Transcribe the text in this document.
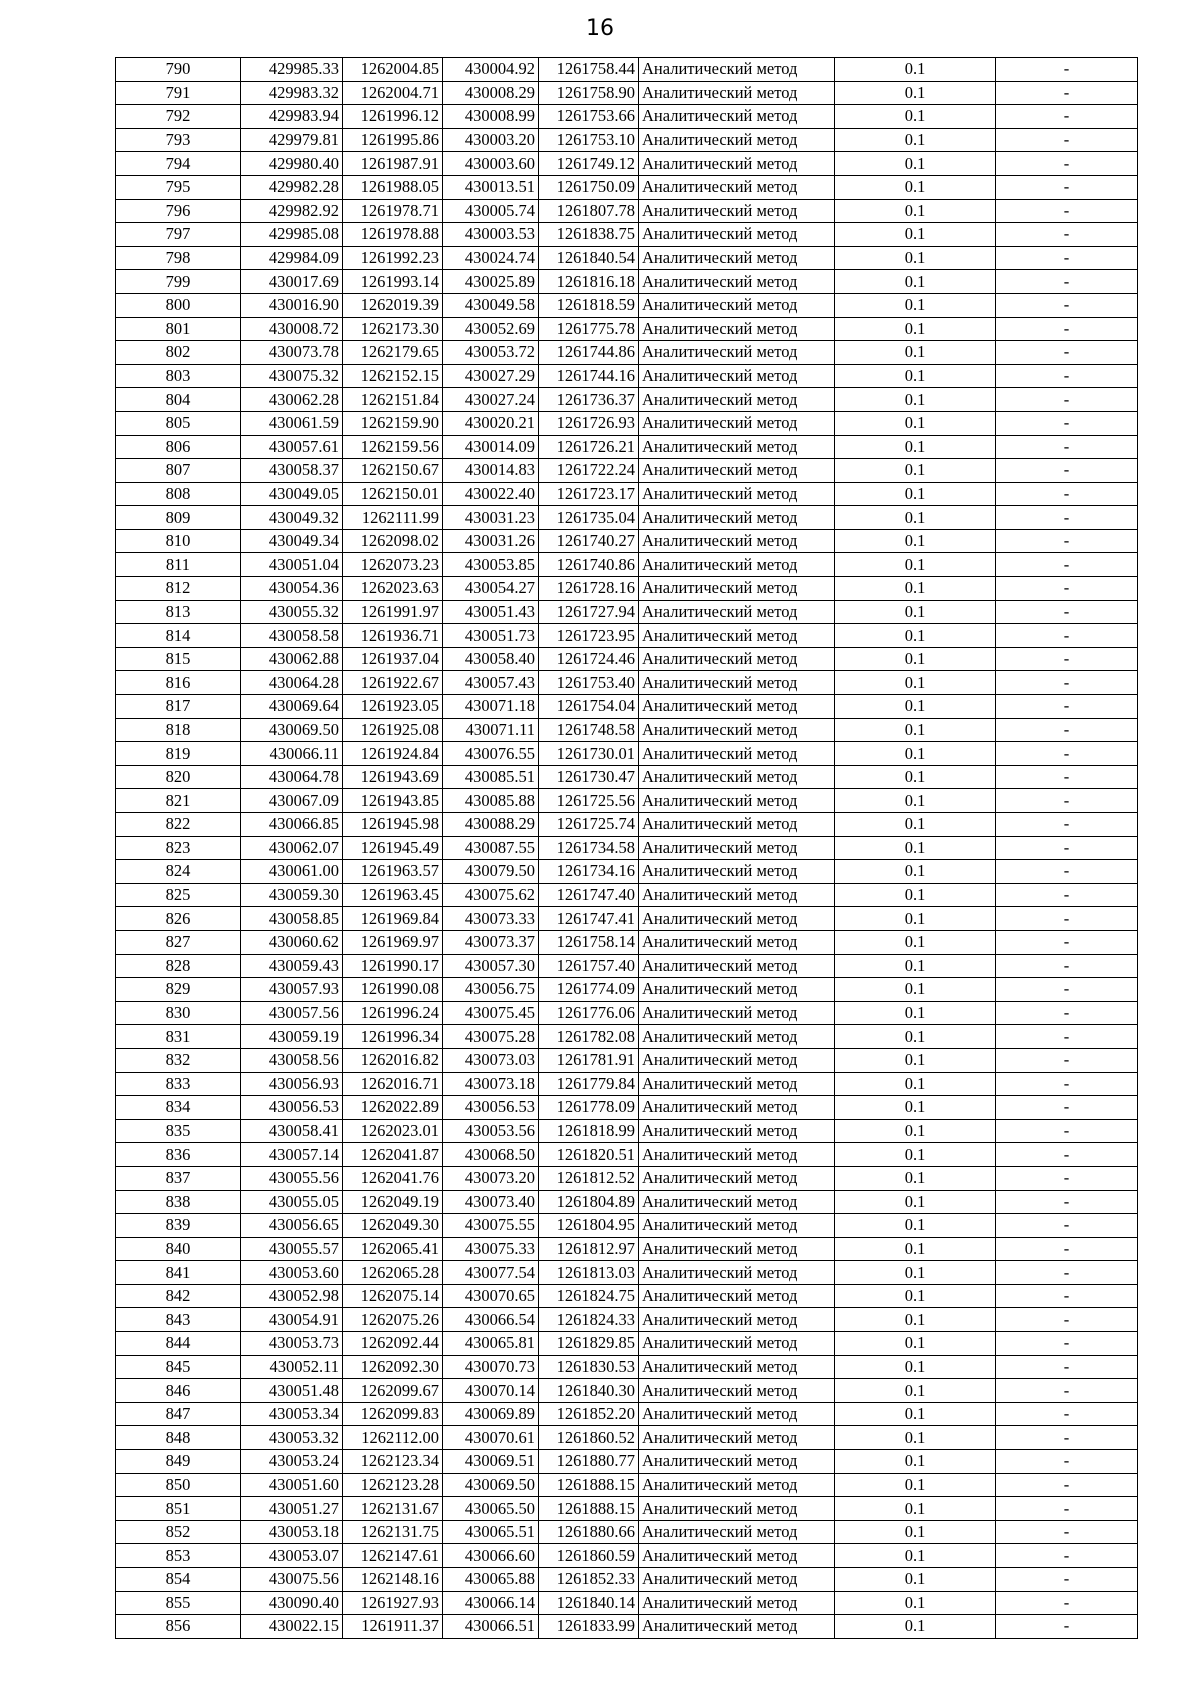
16
790	429985.33	1262004.85	430004.92	1261758.44	Аналитический метод	0.1	-
791	429983.32	1262004.71	430008.29	1261758.90	Аналитический метод	0.1	-
792	429983.94	1261996.12	430008.99	1261753.66	Аналитический метод	0.1	-
793	429979.81	1261995.86	430003.20	1261753.10	Аналитический метод	0.1	-
794	429980.40	1261987.91	430003.60	1261749.12	Аналитический метод	0.1	-
795	429982.28	1261988.05	430013.51	1261750.09	Аналитический метод	0.1	-
796	429982.92	1261978.71	430005.74	1261807.78	Аналитический метод	0.1	-
797	429985.08	1261978.88	430003.53	1261838.75	Аналитический метод	0.1	-
798	429984.09	1261992.23	430024.74	1261840.54	Аналитический метод	0.1	-
799	430017.69	1261993.14	430025.89	1261816.18	Аналитический метод	0.1	-
800	430016.90	1262019.39	430049.58	1261818.59	Аналитический метод	0.1	-
801	430008.72	1262173.30	430052.69	1261775.78	Аналитический метод	0.1	-
802	430073.78	1262179.65	430053.72	1261744.86	Аналитический метод	0.1	-
803	430075.32	1262152.15	430027.29	1261744.16	Аналитический метод	0.1	-
804	430062.28	1262151.84	430027.24	1261736.37	Аналитический метод	0.1	-
805	430061.59	1262159.90	430020.21	1261726.93	Аналитический метод	0.1	-
806	430057.61	1262159.56	430014.09	1261726.21	Аналитический метод	0.1	-
807	430058.37	1262150.67	430014.83	1261722.24	Аналитический метод	0.1	-
808	430049.05	1262150.01	430022.40	1261723.17	Аналитический метод	0.1	-
809	430049.32	1262111.99	430031.23	1261735.04	Аналитический метод	0.1	-
810	430049.34	1262098.02	430031.26	1261740.27	Аналитический метод	0.1	-
811	430051.04	1262073.23	430053.85	1261740.86	Аналитический метод	0.1	-
812	430054.36	1262023.63	430054.27	1261728.16	Аналитический метод	0.1	-
813	430055.32	1261991.97	430051.43	1261727.94	Аналитический метод	0.1	-
814	430058.58	1261936.71	430051.73	1261723.95	Аналитический метод	0.1	-
815	430062.88	1261937.04	430058.40	1261724.46	Аналитический метод	0.1	-
816	430064.28	1261922.67	430057.43	1261753.40	Аналитический метод	0.1	-
817	430069.64	1261923.05	430071.18	1261754.04	Аналитический метод	0.1	-
818	430069.50	1261925.08	430071.11	1261748.58	Аналитический метод	0.1	-
819	430066.11	1261924.84	430076.55	1261730.01	Аналитический метод	0.1	-
820	430064.78	1261943.69	430085.51	1261730.47	Аналитический метод	0.1	-
821	430067.09	1261943.85	430085.88	1261725.56	Аналитический метод	0.1	-
822	430066.85	1261945.98	430088.29	1261725.74	Аналитический метод	0.1	-
823	430062.07	1261945.49	430087.55	1261734.58	Аналитический метод	0.1	-
824	430061.00	1261963.57	430079.50	1261734.16	Аналитический метод	0.1	-
825	430059.30	1261963.45	430075.62	1261747.40	Аналитический метод	0.1	-
826	430058.85	1261969.84	430073.33	1261747.41	Аналитический метод	0.1	-
827	430060.62	1261969.97	430073.37	1261758.14	Аналитический метод	0.1	-
828	430059.43	1261990.17	430057.30	1261757.40	Аналитический метод	0.1	-
829	430057.93	1261990.08	430056.75	1261774.09	Аналитический метод	0.1	-
830	430057.56	1261996.24	430075.45	1261776.06	Аналитический метод	0.1	-
831	430059.19	1261996.34	430075.28	1261782.08	Аналитический метод	0.1	-
832	430058.56	1262016.82	430073.03	1261781.91	Аналитический метод	0.1	-
833	430056.93	1262016.71	430073.18	1261779.84	Аналитический метод	0.1	-
834	430056.53	1262022.89	430056.53	1261778.09	Аналитический метод	0.1	-
835	430058.41	1262023.01	430053.56	1261818.99	Аналитический метод	0.1	-
836	430057.14	1262041.87	430068.50	1261820.51	Аналитический метод	0.1	-
837	430055.56	1262041.76	430073.20	1261812.52	Аналитический метод	0.1	-
838	430055.05	1262049.19	430073.40	1261804.89	Аналитический метод	0.1	-
839	430056.65	1262049.30	430075.55	1261804.95	Аналитический метод	0.1	-
840	430055.57	1262065.41	430075.33	1261812.97	Аналитический метод	0.1	-
841	430053.60	1262065.28	430077.54	1261813.03	Аналитический метод	0.1	-
842	430052.98	1262075.14	430070.65	1261824.75	Аналитический метод	0.1	-
843	430054.91	1262075.26	430066.54	1261824.33	Аналитический метод	0.1	-
844	430053.73	1262092.44	430065.81	1261829.85	Аналитический метод	0.1	-
845	430052.11	1262092.30	430070.73	1261830.53	Аналитический метод	0.1	-
846	430051.48	1262099.67	430070.14	1261840.30	Аналитический метод	0.1	-
847	430053.34	1262099.83	430069.89	1261852.20	Аналитический метод	0.1	-
848	430053.32	1262112.00	430070.61	1261860.52	Аналитический метод	0.1	-
849	430053.24	1262123.34	430069.51	1261880.77	Аналитический метод	0.1	-
850	430051.60	1262123.28	430069.50	1261888.15	Аналитический метод	0.1	-
851	430051.27	1262131.67	430065.50	1261888.15	Аналитический метод	0.1	-
852	430053.18	1262131.75	430065.51	1261880.66	Аналитический метод	0.1	-
853	430053.07	1262147.61	430066.60	1261860.59	Аналитический метод	0.1	-
854	430075.56	1262148.16	430065.88	1261852.33	Аналитический метод	0.1	-
855	430090.40	1261927.93	430066.14	1261840.14	Аналитический метод	0.1	-
856	430022.15	1261911.37	430066.51	1261833.99	Аналитический метод	0.1	-
